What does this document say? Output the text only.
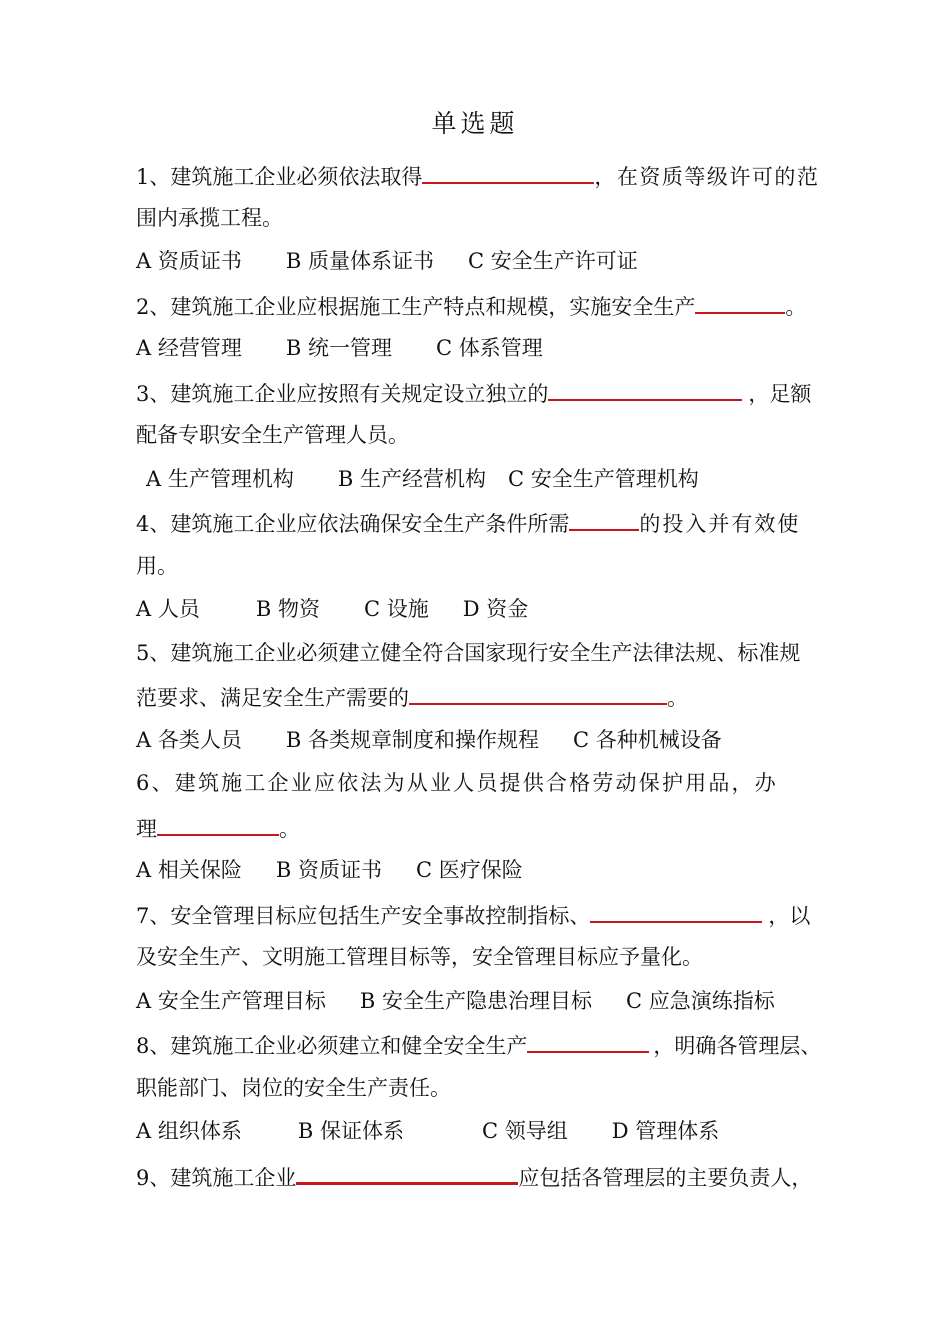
单选题
1、建筑施工企业必须依法取得	，在资质等级许可的范
围内承揽工程。
A 资质证书 B 质量体系证书 C 安全生产许可证
2、建筑施工企业应根据施工生产特点和规模，实施安全生产	。
A 经营管理 B 统一管理 C 体系管理
3、建筑施工企业应按照有关规定设立独立的	，足额
配备专职安全生产管理人员。
A 生产管理机构 B 生产经营机构 C 安全生产管理机构
4、建筑施工企业应依法确保安全生产条件所需	的投入并有效使
用。
A 人员	B 物资 C 设施 D 资金
5、建筑施工企业必须建立健全符合国家现行安全生产法律法规、标准规
范要求、满足安全生产需要的	。
A 各类人员 B 各类规章制度和操作规程 C 各种机械设备
6、建筑施工企业应依法为从业人员提供合格劳动保护用品，办
理	。
A 相关保险 B 资质证书 C 医疗保险
7、安全管理目标应包括生产安全事故控制指标、	，以
及安全生产、文明施工管理目标等，安全管理目标应予量化。
A 安全生产管理目标 B 安全生产隐患治理目标 C 应急演练指标
8、建筑施工企业必须建立和健全安全生产	，明确各管理层、
职能部门、岗位的安全生产责任。
A 组织体系	B 保证体系	C 领导组 D 管理体系
9、建筑施工企业	应包括各管理层的主要负责人，
